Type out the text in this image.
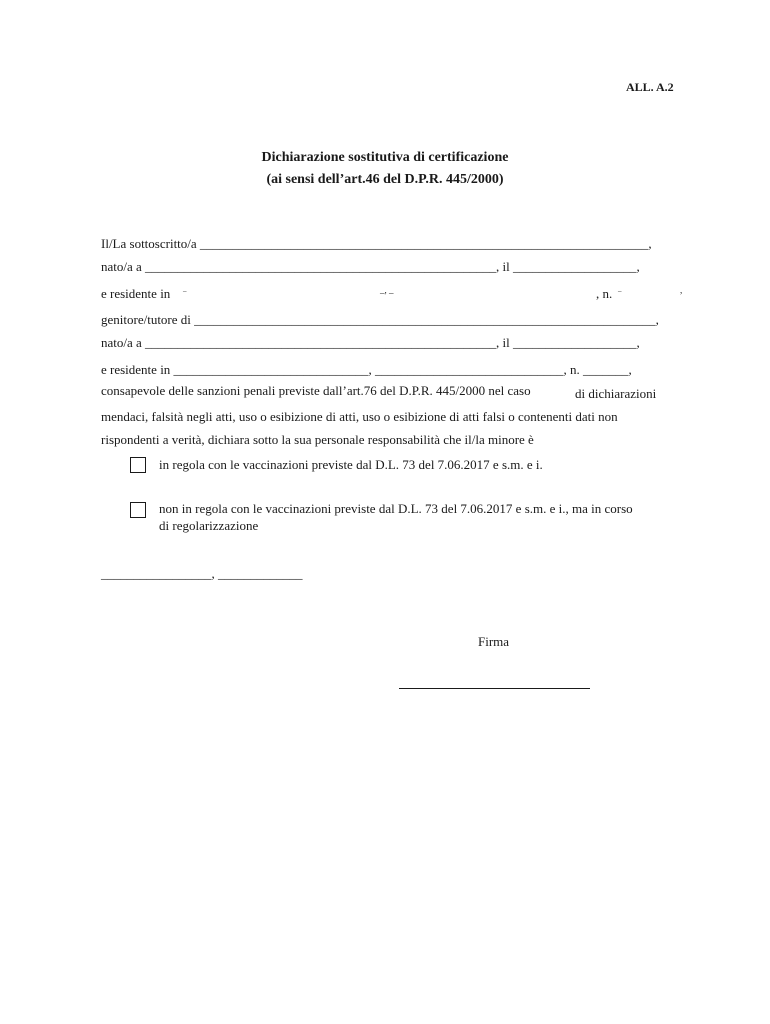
ALL. A.2
Dichiarazione sostitutiva di certificazione
(ai sensi dell’art.46 del D.P.R. 445/2000)
Il/La sottoscritto/a _____________________________________________________________________,
nato/a a ______________________________________________________, il ___________________,
e residente in _	_, _	, n. _	,
genitore/tutore di _______________________________________________________________________,
nato/a a ______________________________________________________, il ___________________,
e residente in ______________________________, _____________________________, n. _______,
consapevole delle sanzioni penali previste dall’art.76 del D.P.R. 445/2000 nel caso	di dichiarazioni
mendaci, falsità negli atti, uso o esibizione di atti, uso o esibizione di atti falsi o contenenti dati non
rispondenti a verità, dichiara sotto la sua personale responsabilità che il/la minore è
in regola con le vaccinazioni previste dal D.L. 73 del 7.06.2017 e s.m. e i.
non in regola con le vaccinazioni previste dal D.L. 73 del 7.06.2017 e s.m. e i., ma in corso
di regolarizzazione
_________________, _____________
Firma
